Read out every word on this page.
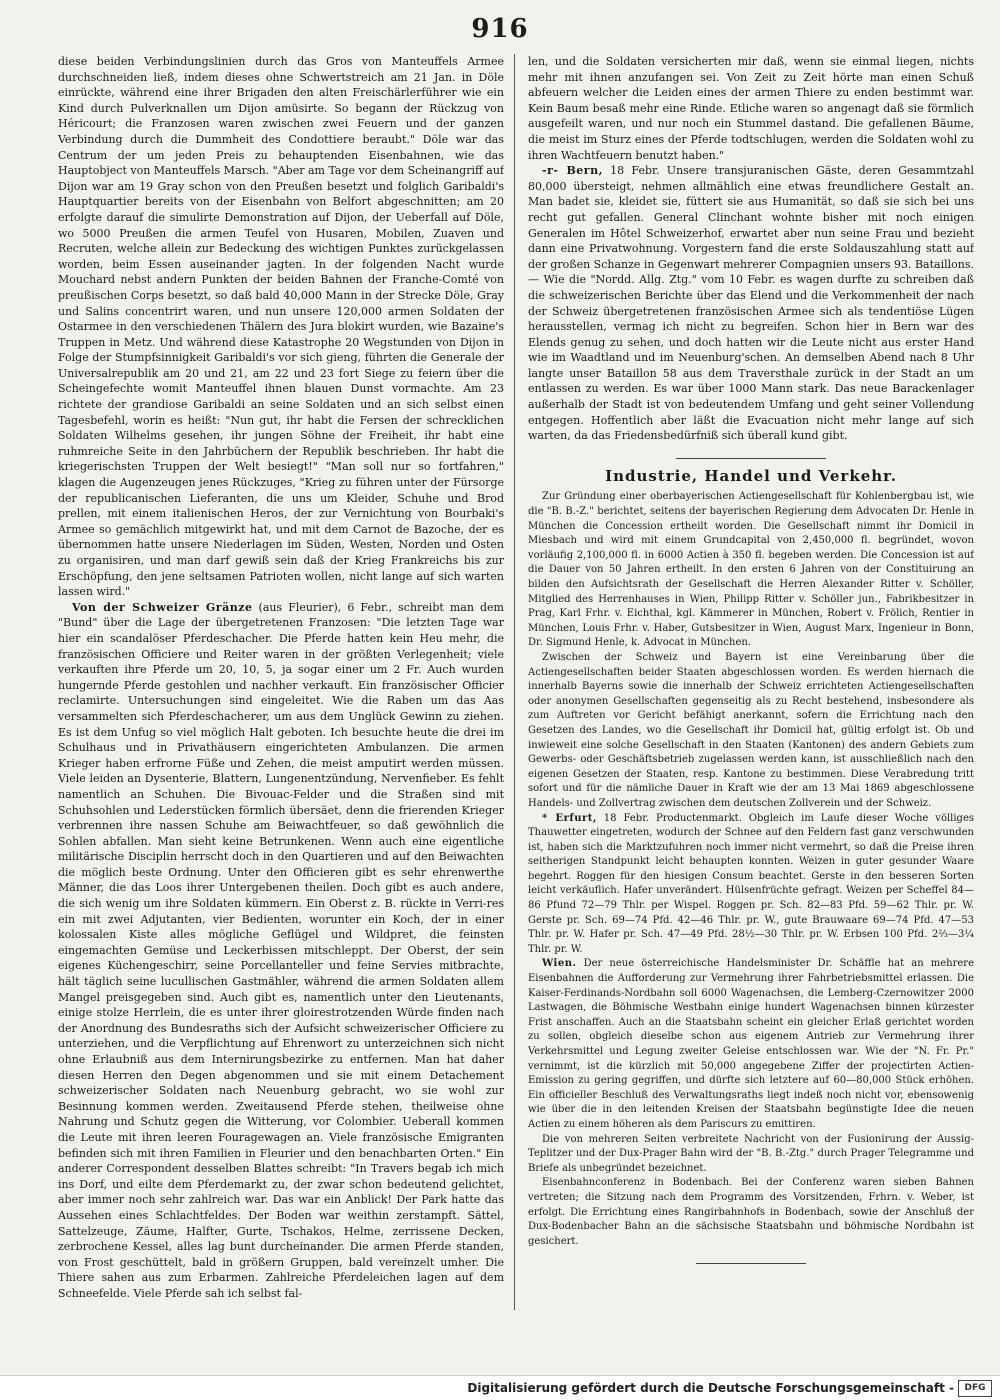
916

diese beiden Verbindungslinien durch das Gros von Manteuffels Armee durchschneiden ließ, indem dieses ohne Schwertstreich am 21 Jan. in Döle einrückte, während eine ihrer Brigaden den alten Freischärlerführer wie ein Kind durch Pulverknallen um Dijon amüsirte. So begann der Rückzug von Héricourt; die Franzosen waren zwischen zwei Feuern und der ganzen Verbindung durch die Dummheit des Condottiere beraubt." Döle war das Centrum der um jeden Preis zu behauptenden Eisenbahnen, wie das Hauptobject von Manteuffels Marsch. "Aber am Tage vor dem Scheinangriff auf Dijon war am 19 Gray schon von den Preußen besetzt und folglich Garibaldi's Hauptquartier bereits von der Eisenbahn von Belfort abgeschnitten; am 20 erfolgte darauf die simulirte Demonstration auf Dijon, der Ueberfall auf Döle, wo 5000 Preußen die armen Teufel von Husaren, Mobilen, Zuaven und Recruten, welche allein zur Bedeckung des wichtigen Punktes zurückgelassen worden, beim Essen auseinander jagten. In der folgenden Nacht wurde Mouchard nebst andern Punkten der beiden Bahnen der Franche-Comté von preußischen Corps besetzt, so daß bald 40,000 Mann in der Strecke Döle, Gray und Salins concentrirt waren, und nun unsere 120,000 armen Soldaten der Ostarmee in den verschiedenen Thälern des Jura blokirt wurden, wie Bazaine's Truppen in Metz. Und während diese Katastrophe 20 Wegstunden von Dijon in Folge der Stumpfsinnigkeit Garibaldi's vor sich gieng, führten die Generale der Universalrepublik am 20 und 21, am 22 und 23 fort Siege zu feiern über die Scheingefechte womit Manteuffel ihnen blauen Dunst vormachte. Am 23 richtete der grandiose Garibaldi an seine Soldaten und an sich selbst einen Tagesbefehl, worin es heißt: "Nun gut, ihr habt die Fersen der schrecklichen Soldaten Wilhelms gesehen, ihr jungen Söhne der Freiheit, ihr habt eine ruhmreiche Seite in den Jahrbüchern der Republik beschrieben. Ihr habt die kriegerischsten Truppen der Welt besiegt!" "Man soll nur so fortfahren," klagen die Augenzeugen jenes Rückzuges, "Krieg zu führen unter der Fürsorge der republicanischen Lieferanten, die uns um Kleider, Schuhe und Brod prellen, mit einem italienischen Heros, der zur Vernichtung von Bourbaki's Armee so gemächlich mitgewirkt hat, und mit dem Carnot de Bazoche, der es übernommen hatte unsere Niederlagen im Süden, Westen, Norden und Osten zu organisiren, und man darf gewiß sein daß der Krieg Frankreichs bis zur Erschöpfung, den jene seltsamen Patrioten wollen, nicht lange auf sich warten lassen wird."

Von der Schweizer Gränze (aus Fleurier), 6 Febr., schreibt man dem "Bund" über die Lage der übergetretenen Franzosen: "Die letzten Tage war hier ein scandalöser Pferdeschacher. Die Pferde hatten kein Heu mehr, die französischen Officiere und Reiter waren in der größten Verlegenheit; viele verkauften ihre Pferde um 20, 10, 5, ja sogar einer um 2 Fr. Auch wurden hungernde Pferde gestohlen und nachher verkauft. Ein französischer Officier reclamirte. Untersuchungen sind eingeleitet. Wie die Raben um das Aas versammelten sich Pferdeschacherer, um aus dem Unglück Gewinn zu ziehen. Es ist dem Unfug so viel möglich Halt geboten. Ich besuchte heute die drei im Schulhaus und in Privathäusern eingerichteten Ambulanzen. Die armen Krieger haben erfrorne Füße und Zehen, die meist amputirt werden müssen. Viele leiden an Dysenterie, Blattern, Lungenentzündung, Nervenfieber. Es fehlt namentlich an Schuhen. Die Bivouac-Felder und die Straßen sind mit Schuhsohlen und Lederstücken förmlich übersäet, denn die frierenden Krieger verbrennen ihre nassen Schuhe am Beiwachtfeuer, so daß gewöhnlich die Sohlen abfallen. Man sieht keine Betrunkenen. Wenn auch eine eigentliche militärische Disciplin herrscht doch in den Quartieren und auf den Beiwachten die möglich beste Ordnung. Unter den Officieren gibt es sehr ehrenwerthe Männer, die das Loos ihrer Untergebenen theilen. Doch gibt es auch andere, die sich wenig um ihre Soldaten kümmern. Ein Oberst z. B. rückte in Verri-res ein mit zwei Adjutanten, vier Bedienten, worunter ein Koch, der in einer kolossalen Kiste alles mögliche Geflügel und Wildpret, die feinsten eingemachten Gemüse und Leckerbissen mitschleppt. Der Oberst, der sein eigenes Küchengeschirr, seine Porcellanteller und feine Servies mitbrachte, hält täglich seine lucullischen Gastmähler, während die armen Soldaten allem Mangel preisgegeben sind. Auch gibt es, namentlich unter den Lieutenants, einige stolze Herrlein, die es unter ihrer gloirestrotzenden Würde finden nach der Anordnung des Bundesraths sich der Aufsicht schweizerischer Officiere zu unterziehen, und die Verpflichtung auf Ehrenwort zu unterzeichnen sich nicht ohne Erlaubniß aus dem Internirungsbezirke zu entfernen. Man hat daher diesen Herren den Degen abgenommen und sie mit einem Detachement schweizerischer Soldaten nach Neuenburg gebracht, wo sie wohl zur Besinnung kommen werden. Zweitausend Pferde stehen, theilweise ohne Nahrung und Schutz gegen die Witterung, vor Colombier. Ueberall kommen die Leute mit ihren leeren Fouragewagen an. Viele französische Emigranten befinden sich mit ihren Familien in Fleurier und den benachbarten Orten." Ein anderer Correspondent desselben Blattes schreibt: "In Travers begab ich mich ins Dorf, und eilte dem Pferdemarkt zu, der zwar schon bedeutend gelichtet, aber immer noch sehr zahlreich war. Das war ein Anblick! Der Park hatte das Aussehen eines Schlachtfeldes. Der Boden war weithin zerstampft. Sättel, Sattelzeuge, Zäume, Halfter, Gurte, Tschakos, Helme, zerrissene Decken, zerbrochene Kessel, alles lag bunt durcheinander. Die armen Pferde standen, von Frost geschüttelt, bald in größern Gruppen, bald vereinzelt umher. Die Thiere sahen aus zum Erbarmen. Zahlreiche Pferdeleichen lagen auf dem Schneefelde. Viele Pferde sah ich selbst fal-

len, und die Soldaten versicherten mir daß, wenn sie einmal liegen, nichts mehr mit ihnen anzufangen sei. Von Zeit zu Zeit hörte man einen Schuß abfeuern welcher die Leiden eines der armen Thiere zu enden bestimmt war. Kein Baum besaß mehr eine Rinde. Etliche waren so angenagt daß sie förmlich ausgefeilt waren, und nur noch ein Stummel dastand. Die gefallenen Bäume, die meist im Sturz eines der Pferde todtschlugen, werden die Soldaten wohl zu ihren Wachtfeuern benutzt haben."

-r- Bern, 18 Febr. Unsere transjuranischen Gäste, deren Gesammtzahl 80,000 übersteigt, nehmen allmählich eine etwas freundlichere Gestalt an. Man badet sie, kleidet sie, füttert sie aus Humanität, so daß sie sich bei uns recht gut gefallen. General Clinchant wohnte bisher mit noch einigen Generalen im Hôtel Schweizerhof, erwartet aber nun seine Frau und bezieht dann eine Privatwohnung. Vorgestern fand die erste Soldauszahlung statt auf der großen Schanze in Gegenwart mehrerer Compagnien unsers 93. Bataillons. — Wie die "Nordd. Allg. Ztg." vom 10 Febr. es wagen durfte zu schreiben daß die schweizerischen Berichte über das Elend und die Verkommenheit der nach der Schweiz übergetretenen französischen Armee sich als tendentiöse Lügen herausstellen, vermag ich nicht zu begreifen. Schon hier in Bern war des Elends genug zu sehen, und doch hatten wir die Leute nicht aus erster Hand wie im Waadtland und im Neuenburg'schen. An demselben Abend nach 8 Uhr langte unser Bataillon 58 aus dem Traversthale zurück in der Stadt an um entlassen zu werden. Es war über 1000 Mann stark. Das neue Barackenlager außerhalb der Stadt ist von bedeutendem Umfang und geht seiner Vollendung entgegen. Hoffentlich aber läßt die Evacuation nicht mehr lange auf sich warten, da das Friedensbedürfniß sich überall kund gibt.

Industrie, Handel und Verkehr.

Zur Gründung einer oberbayerischen Actiengesellschaft für Kohlenbergbau ist, wie die "B. B.-Z." berichtet, seitens der bayerischen Regierung dem Advocaten Dr. Henle in München die Concession ertheilt worden. Die Gesellschaft nimmt ihr Domicil in Miesbach und wird mit einem Grundcapital von 2,450,000 fl. begründet, wovon vorläufig 2,100,000 fl. in 6000 Actien à 350 fl. begeben werden. Die Concession ist auf die Dauer von 50 Jahren ertheilt. In den ersten 6 Jahren von der Constituirung an bilden den Aufsichtsrath der Gesellschaft die Herren Alexander Ritter v. Schöller, Mitglied des Herrenhauses in Wien, Philipp Ritter v. Schöller jun., Fabrikbesitzer in Prag, Karl Frhr. v. Eichthal, kgl. Kämmerer in München, Robert v. Frölich, Rentier in München, Louis Frhr. v. Haber, Gutsbesitzer in Wien, August Marx, Ingenieur in Bonn, Dr. Sigmund Henle, k. Advocat in München.

Zwischen der Schweiz und Bayern ist eine Vereinbarung über die Actiengesellschaften beider Staaten abgeschlossen worden. Es werden hiernach die innerhalb Bayerns sowie die innerhalb der Schweiz errichteten Actiengesellschaften oder anonymen Gesellschaften gegenseitig als zu Recht bestehend, insbesondere als zum Auftreten vor Gericht befähigt anerkannt, sofern die Errichtung nach den Gesetzen des Landes, wo die Gesellschaft ihr Domicil hat, gültig erfolgt ist. Ob und inwieweit eine solche Gesellschaft in den Staaten (Kantonen) des andern Gebiets zum Gewerbs- oder Geschäftsbetrieb zugelassen werden kann, ist ausschließlich nach den eigenen Gesetzen der Staaten, resp. Kantone zu bestimmen. Diese Verabredung tritt sofort und für die nämliche Dauer in Kraft wie der am 13 Mai 1869 abgeschlossene Handels- und Zollvertrag zwischen dem deutschen Zollverein und der Schweiz.

* Erfurt, 18 Febr. Productenmarkt. Obgleich im Laufe dieser Woche völliges Thauwetter eingetreten, wodurch der Schnee auf den Feldern fast ganz verschwunden ist, haben sich die Marktzufuhren noch immer nicht vermehrt, so daß die Preise ihren seitherigen Standpunkt leicht behaupten konnten. Weizen in guter gesunder Waare begehrt. Roggen für den hiesigen Consum beachtet. Gerste in den besseren Sorten leicht verkäuflich. Hafer unverändert. Hülsenfrüchte gefragt. Weizen per Scheffel 84—86 Pfund 72—79 Thlr. per Wispel. Roggen pr. Sch. 82—83 Pfd. 59—62 Thlr. pr. W. Gerste pr. Sch. 69—74 Pfd. 42—46 Thlr. pr. W., gute Brauwaare 69—74 Pfd. 47—53 Thlr. pr. W. Hafer pr. Sch. 47—49 Pfd. 28½—30 Thlr. pr. W. Erbsen 100 Pfd. 2⅔—3¼ Thlr. pr. W.

Wien. Der neue österreichische Handelsminister Dr. Schäffle hat an mehrere Eisenbahnen die Aufforderung zur Vermehrung ihrer Fahrbetriebsmittel erlassen. Die Kaiser-Ferdinands-Nordbahn soll 6000 Wagenachsen, die Lemberg-Czernowitzer 2000 Lastwagen, die Böhmische Westbahn einige hundert Wagenachsen binnen kürzester Frist anschaffen. Auch an die Staatsbahn scheint ein gleicher Erlaß gerichtet worden zu sollen, obgleich dieselbe schon aus eigenem Antrieb zur Vermehrung ihrer Verkehrsmittel und Legung zweiter Geleise entschlossen war. Wie der "N. Fr. Pr." vernimmt, ist die kürzlich mit 50,000 angegebene Ziffer der projectirten Actien-Emission zu gering gegriffen, und dürfte sich letztere auf 60—80,000 Stück erhöhen. Ein officieller Beschluß des Verwaltungsraths liegt indeß noch nicht vor, ebensowenig wie über die in den leitenden Kreisen der Staatsbahn begünstigte Idee die neuen Actien zu einem höheren als dem Pariscurs zu emittiren.

Die von mehreren Seiten verbreitete Nachricht von der Fusionirung der Aussig-Teplitzer und der Dux-Prager Bahn wird der "B. B.-Ztg." durch Prager Telegramme und Briefe als unbegründet bezeichnet.

Eisenbahnconferenz in Bodenbach. Bei der Conferenz waren sieben Bahnen vertreten; die Sitzung nach dem Programm des Vorsitzenden, Frhrn. v. Weber, ist erfolgt. Die Errichtung eines Rangirbahnhofs in Bodenbach, sowie der Anschluß der Dux-Bodenbacher Bahn an die sächsische Staatsbahn und böhmische Nordbahn ist gesichert.

Digitalisierung gefördert durch die Deutsche Forschungsgemeinschaft -	DFG
